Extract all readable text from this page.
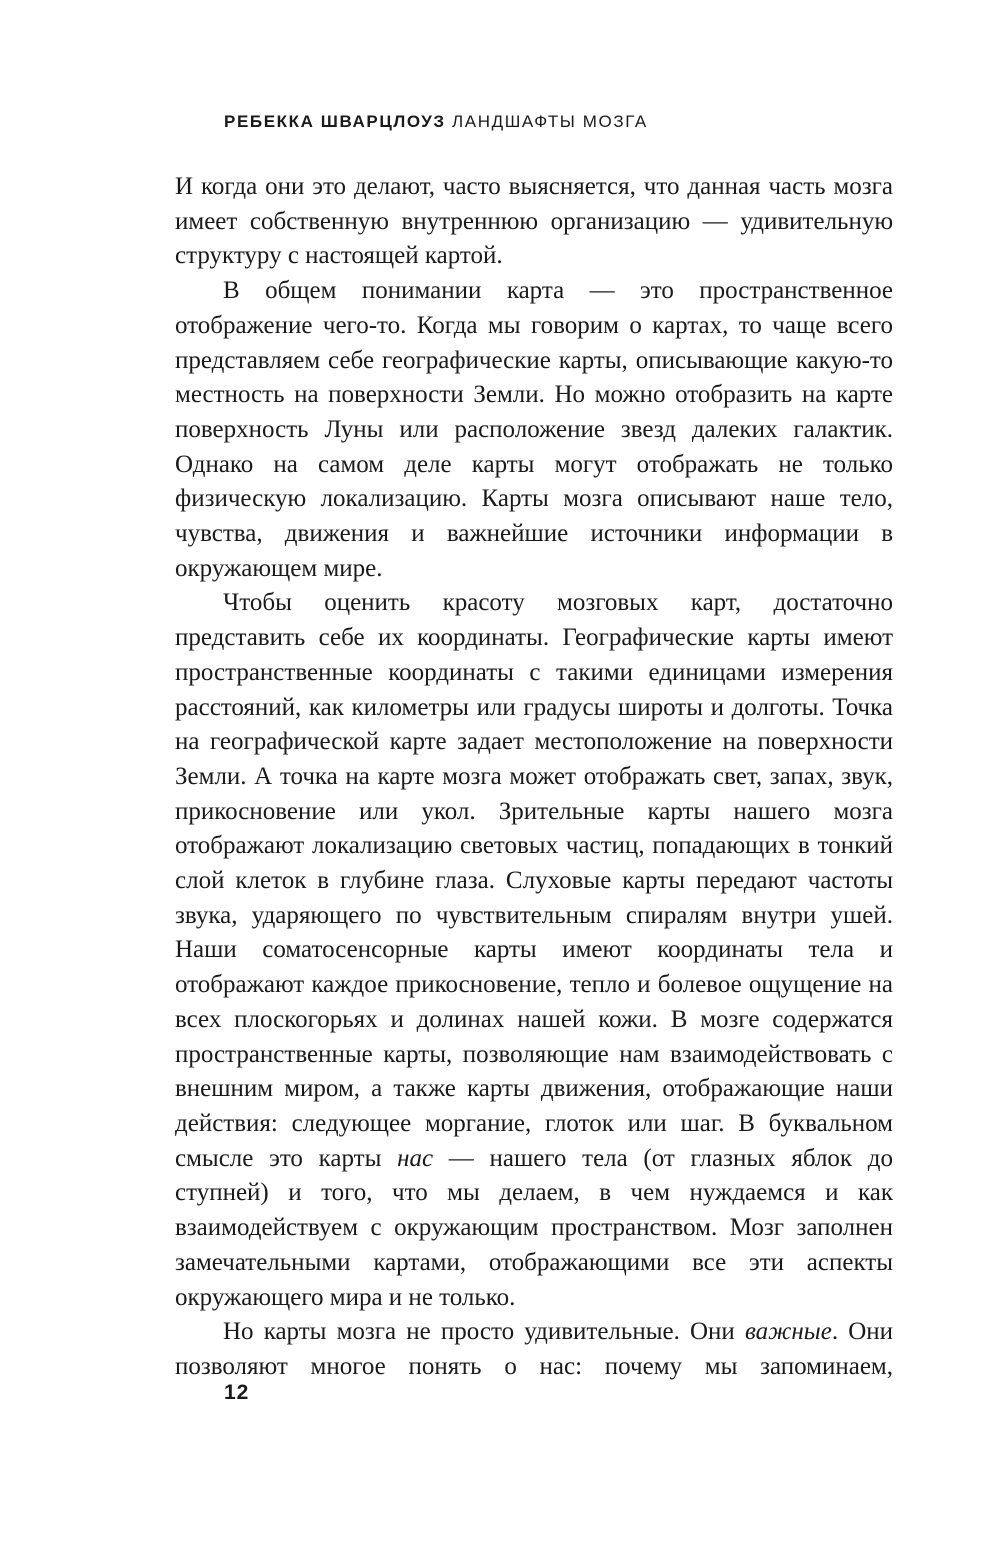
РЕБЕККА ШВАРЦЛОУЗ ЛАНДШАФТЫ МОЗГА

И когда они это делают, часто выясняется, что данная часть мозга имеет собственную внутреннюю организацию — удивительную структуру с настоящей картой.

В общем понимании карта — это пространственное отображение чего-то. Когда мы говорим о картах, то чаще всего представляем себе географические карты, описывающие какую-то местность на поверхности Земли. Но можно отобразить на карте поверхность Луны или расположение звезд далеких галактик. Однако на самом деле карты могут отображать не только физическую локализацию. Карты мозга описывают наше тело, чувства, движения и важнейшие источники информации в окружающем мире.

Чтобы оценить красоту мозговых карт, достаточно представить себе их координаты. Географические карты имеют пространственные координаты с такими единицами измерения расстояний, как километры или градусы широты и долготы. Точка на географической карте задает местоположение на поверхности Земли. А точка на карте мозга может отображать свет, запах, звук, прикосновение или укол. Зрительные карты нашего мозга отображают локализацию световых частиц, попадающих в тонкий слой клеток в глубине глаза. Слуховые карты передают частоты звука, ударяющего по чувствительным спиралям внутри ушей. Наши соматосенсорные карты имеют координаты тела и отображают каждое прикосновение, тепло и болевое ощущение на всех плоскогорьях и долинах нашей кожи. В мозге содержатся пространственные карты, позволяющие нам взаимодействовать с внешним миром, а также карты движения, отображающие наши действия: следующее моргание, глоток или шаг. В буквальном смысле это карты нас — нашего тела (от глазных яблок до ступней) и того, что мы делаем, в чем нуждаемся и как взаимодействуем с окружающим пространством. Мозг заполнен замечательными картами, отображающими все эти аспекты окружающего мира и не только.

Но карты мозга не просто удивительные. Они важные. Они позволяют многое понять о нас: почему мы запоминаем,

12
